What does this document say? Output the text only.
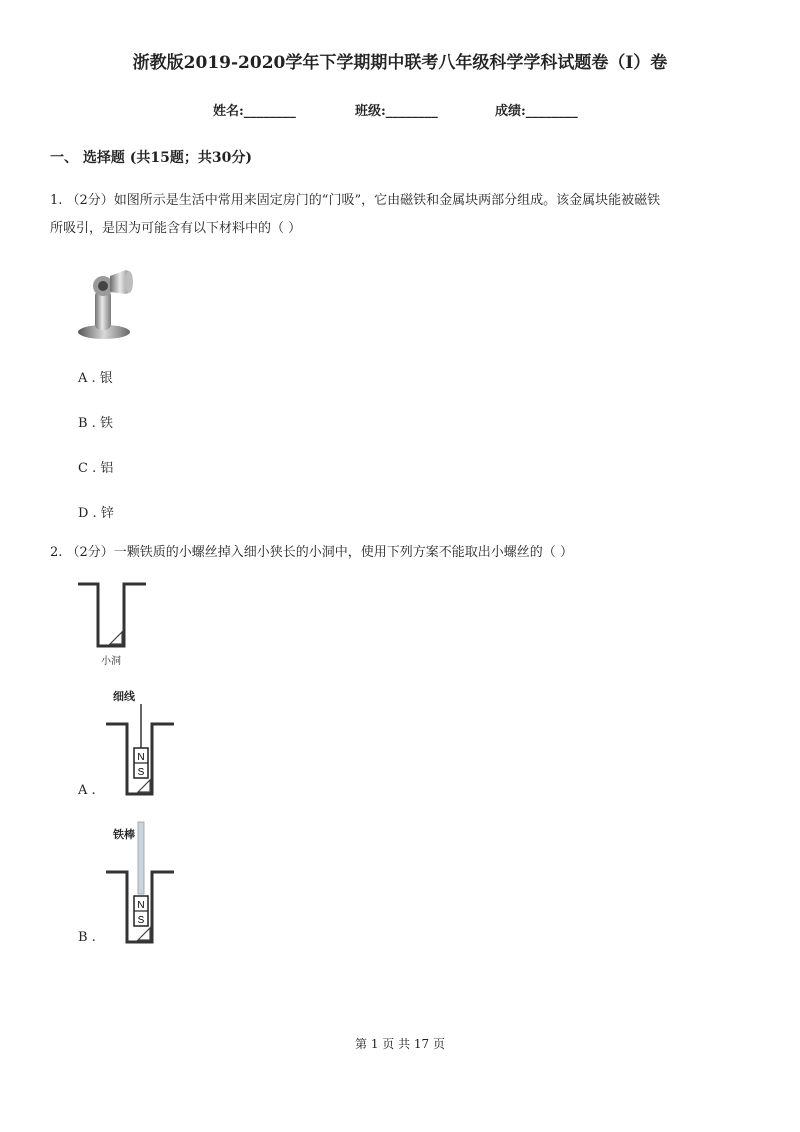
浙教版2019-2020学年下学期期中联考八年级科学学科试题卷（I）卷
姓名:________	班级:________	成绩:________
一、 选择题 (共15题；共30分)
1. （2分）如图所示是生活中常用来固定房门的“门吸”，它由磁铁和金属块两部分组成。该金属块能被磁铁
所吸引，是因为可能含有以下材料中的（ ）
A . 银
B . 铁
C . 铝
D . 锌
2. （2分）一颗铁质的小螺丝掉入细小狭长的小洞中，使用下列方案不能取出小螺丝的（ ）
小洞
细线
N
S
A .
铁棒
N
S
B .
第 1 页 共 17 页
